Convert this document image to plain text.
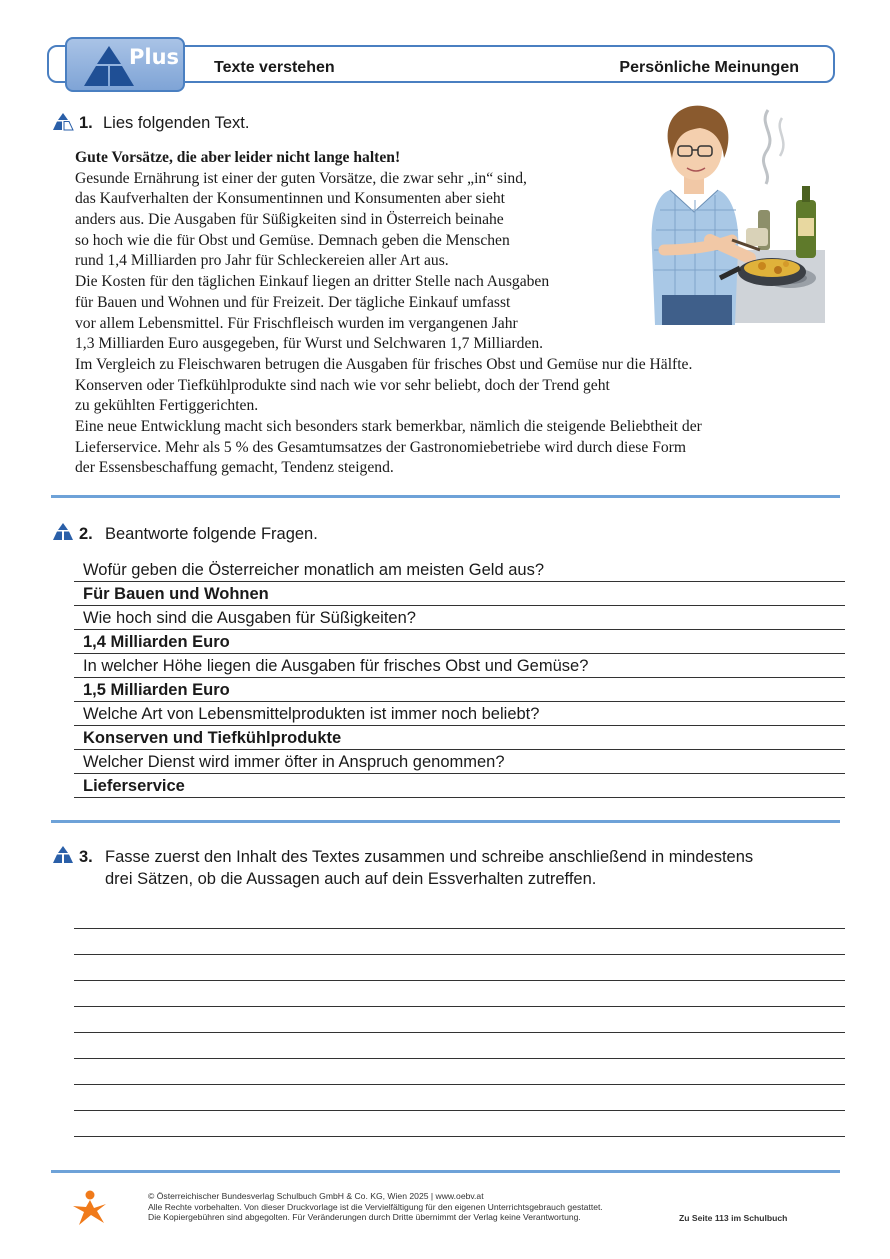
Plus Texte verstehen	Persönliche Meinungen
1. Lies folgenden Text.
Gute Vorsätze, die aber leider nicht lange halten!
Gesunde Ernährung ist einer der guten Vorsätze, die zwar sehr „in“ sind,
das Kaufverhalten der Konsumentinnen und Konsumenten aber sieht
anders aus. Die Ausgaben für Süßigkeiten sind in Österreich beinahe
so hoch wie die für Obst und Gemüse. Demnach geben die Menschen
rund 1,4 Milliarden pro Jahr für Schleckereien aller Art aus.
Die Kosten für den täglichen Einkauf liegen an dritter Stelle nach Ausgaben
für Bauen und Wohnen und für Freizeit. Der tägliche Einkauf umfasst
vor allem Lebensmittel. Für Frischfleisch wurden im vergangenen Jahr
1,3 Milliarden Euro ausgegeben, für Wurst und Selchwaren 1,7 Milliarden.
Im Vergleich zu Fleischwaren betrugen die Ausgaben für frisches Obst und Gemüse nur die Hälfte.
Konserven oder Tiefkühlprodukte sind nach wie vor sehr beliebt, doch der Trend geht
zu gekühlten Fertiggerichten.
Eine neue Entwicklung macht sich besonders stark bemerkbar, nämlich die steigende Beliebtheit der
Lieferservice. Mehr als 5 % des Gesamtumsatzes der Gastronomiebetriebe wird durch diese Form
der Essensbeschaffung gemacht, Tendenz steigend.
2. Beantworte folgende Fragen.
Wofür geben die Österreicher monatlich am meisten Geld aus?
Für Bauen und Wohnen
Wie hoch sind die Ausgaben für Süßigkeiten?
1,4 Milliarden Euro
In welcher Höhe liegen die Ausgaben für frisches Obst und Gemüse?
1,5 Milliarden Euro
Welche Art von Lebensmittelprodukten ist immer noch beliebt?
Konserven und Tiefkühlprodukte
Welcher Dienst wird immer öfter in Anspruch genommen?
Lieferservice
3. Fasse zuerst den Inhalt des Textes zusammen und schreibe anschließend in mindestens
drei Sätzen, ob die Aussagen auch auf dein Essverhalten zutreffen.
© Österreichischer Bundesverlag Schulbuch GmbH & Co. KG, Wien 2025 | www.oebv.at
Alle Rechte vorbehalten. Von dieser Druckvorlage ist die Vervielfältigung für den eigenen Unterrichtsgebrauch gestattet.
Die Kopiergebühren sind abgegolten. Für Veränderungen durch Dritte übernimmt der Verlag keine Verantwortung.	Zu Seite 113 im Schulbuch
